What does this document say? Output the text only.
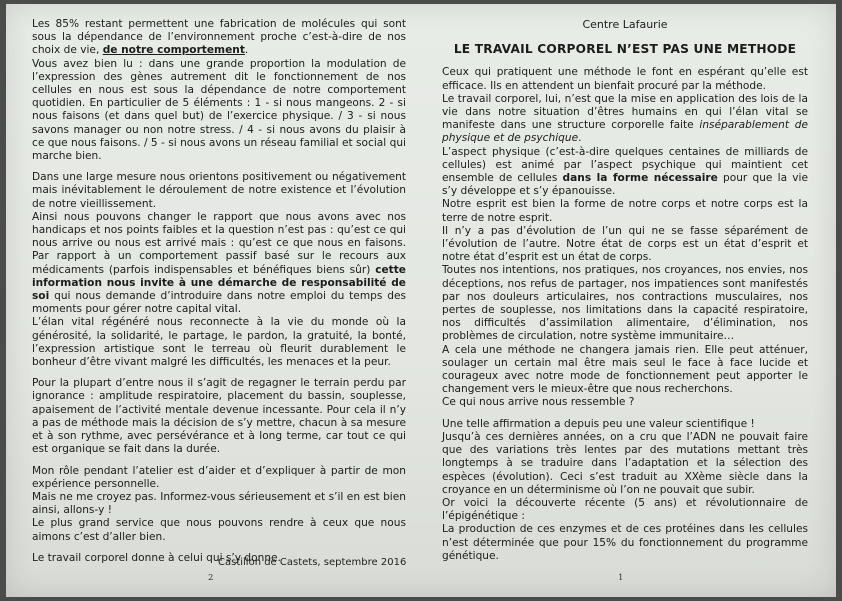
Les 85% restant permettent une fabrication de molécules qui sont sous la dépendance de l’environnement proche c’est-à-dire de nos choix de vie, de notre comportement.

Vous avez bien lu : dans une grande proportion la modulation de l’expression des gènes autrement dit le fonctionnement de nos cellules en nous est sous la dépendance de notre comportement quotidien. En particulier de 5 éléments : 1 - si nous mangeons. 2 - si nous faisons (et dans quel but) de l’exercice physique. / 3 - si nous savons manager ou non notre stress. / 4 - si nous avons du plaisir à ce que nous faisons. / 5 - si nous avons un réseau familial et social qui marche bien.

Dans une large mesure nous orientons positivement ou négativement mais inévitablement le déroulement de notre existence et l’évolution de notre vieillissement.

Ainsi nous pouvons changer le rapport que nous avons avec nos handicaps et nos points faibles et la question n’est pas : qu’est ce qui nous arrive ou nous est arrivé mais : qu’est ce que nous en faisons. Par rapport à un comportement passif basé sur le recours aux médicaments (parfois indispensables et bénéfiques biens sûr) cette information nous invite à une démarche de responsabilité de soi qui nous demande d’introduire dans notre emploi du temps des moments pour gérer notre capital vital.

L’élan vital régénéré nous reconnecte à la vie du monde où la générosité, la solidarité, le partage, le pardon, la gratuité, la bonté, l’expression artistique sont le terreau où fleurit durablement le bonheur d’être vivant malgré les difficultés, les menaces et la peur.

Pour la plupart d’entre nous il s’agit de regagner le terrain perdu par ignorance : amplitude respiratoire, placement du bassin, souplesse, apaisement de l’activité mentale devenue incessante. Pour cela il n’y a pas de méthode mais la décision de s’y mettre, chacun à sa mesure et à son rythme, avec persévérance et à long terme, car tout ce qui est organique se fait dans la durée.

Mon rôle pendant l’atelier est d’aider et d’expliquer à partir de mon expérience personnelle.

Mais ne me croyez pas. Informez-vous sérieusement et s’il en est bien ainsi, allons-y !

Le plus grand service que nous pouvons rendre à ceux que nous aimons c’est d’aller bien.

Le travail corporel donne à celui qui s’y donne.

Castillon de Castets, septembre 2016
2
Centre Lafaurie
LE TRAVAIL CORPOREL N’EST PAS UNE METHODE

Ceux qui pratiquent une méthode le font en espérant qu’elle est efficace. Ils en attendent un bienfait procuré par la méthode.

Le travail corporel, lui, n’est que la mise en application des lois de la vie dans notre situation d’êtres humains en qui l’élan vital se manifeste dans une structure corporelle faite inséparablement de physique et de psychique.

L’aspect physique (c’est-à-dire quelques centaines de milliards de cellules) est animé par l’aspect psychique qui maintient cet ensemble de cellules dans la forme nécessaire pour que la vie s’y développe et s’y épanouisse.

Notre esprit est bien la forme de notre corps et notre corps est la terre de notre esprit.

Il n’y a pas d’évolution de l’un qui ne se fasse séparément de l’évolution de l’autre. Notre état de corps est un état d’esprit et notre état d’esprit est un état de corps.

Toutes nos intentions, nos pratiques, nos croyances, nos envies, nos déceptions, nos refus de partager, nos impatiences sont manifestés par nos douleurs articulaires, nos contractions musculaires, nos pertes de souplesse, nos limitations dans la capacité respiratoire, nos difficultés d’assimilation alimentaire, d’élimination, nos problèmes de circulation, notre système immunitaire…

A cela une méthode ne changera jamais rien. Elle peut atténuer, soulager un certain mal être mais seul le face à face lucide et courageux avec notre mode de fonctionnement peut apporter le changement vers le mieux-être que nous recherchons.

Ce qui nous arrive nous ressemble ?

Une telle affirmation a depuis peu une valeur scientifique !

Jusqu’à ces dernières années, on a cru que l’ADN ne pouvait faire que des variations très lentes par des mutations mettant très longtemps à se traduire dans l’adaptation et la sélection des espèces (évolution). Ceci s’est traduit au XXème siècle dans la croyance en un déterminisme où l’on ne pouvait que subir.

Or voici la découverte récente (5 ans) et révolutionnaire de l’épigénétique :

La production de ces enzymes et de ces protéines dans les cellules n’est déterminée que pour 15% du fonctionnement du programme génétique.

1
